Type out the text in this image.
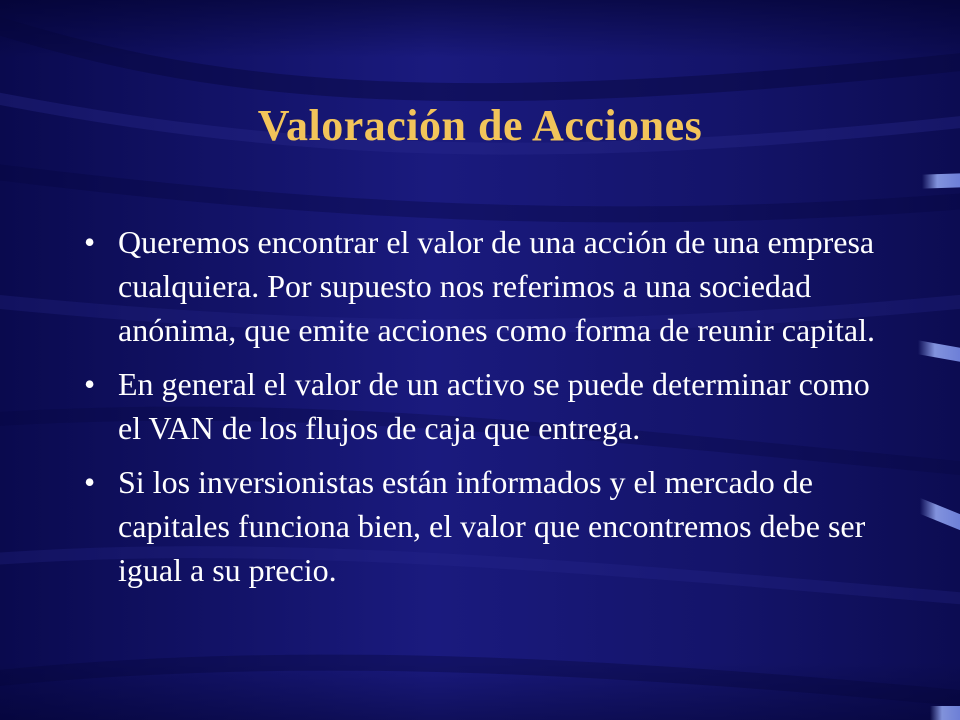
Valoración de Acciones
• Queremos encontrar el valor de una acción de una empresa cualquiera. Por supuesto nos referimos a una sociedad anónima, que emite acciones como forma de reunir capital.
• En general el valor de un activo se puede determinar como el VAN de los flujos de caja que entrega.
• Si los inversionistas están informados y el mercado de capitales funciona bien, el valor que encontremos debe ser igual a su precio.
